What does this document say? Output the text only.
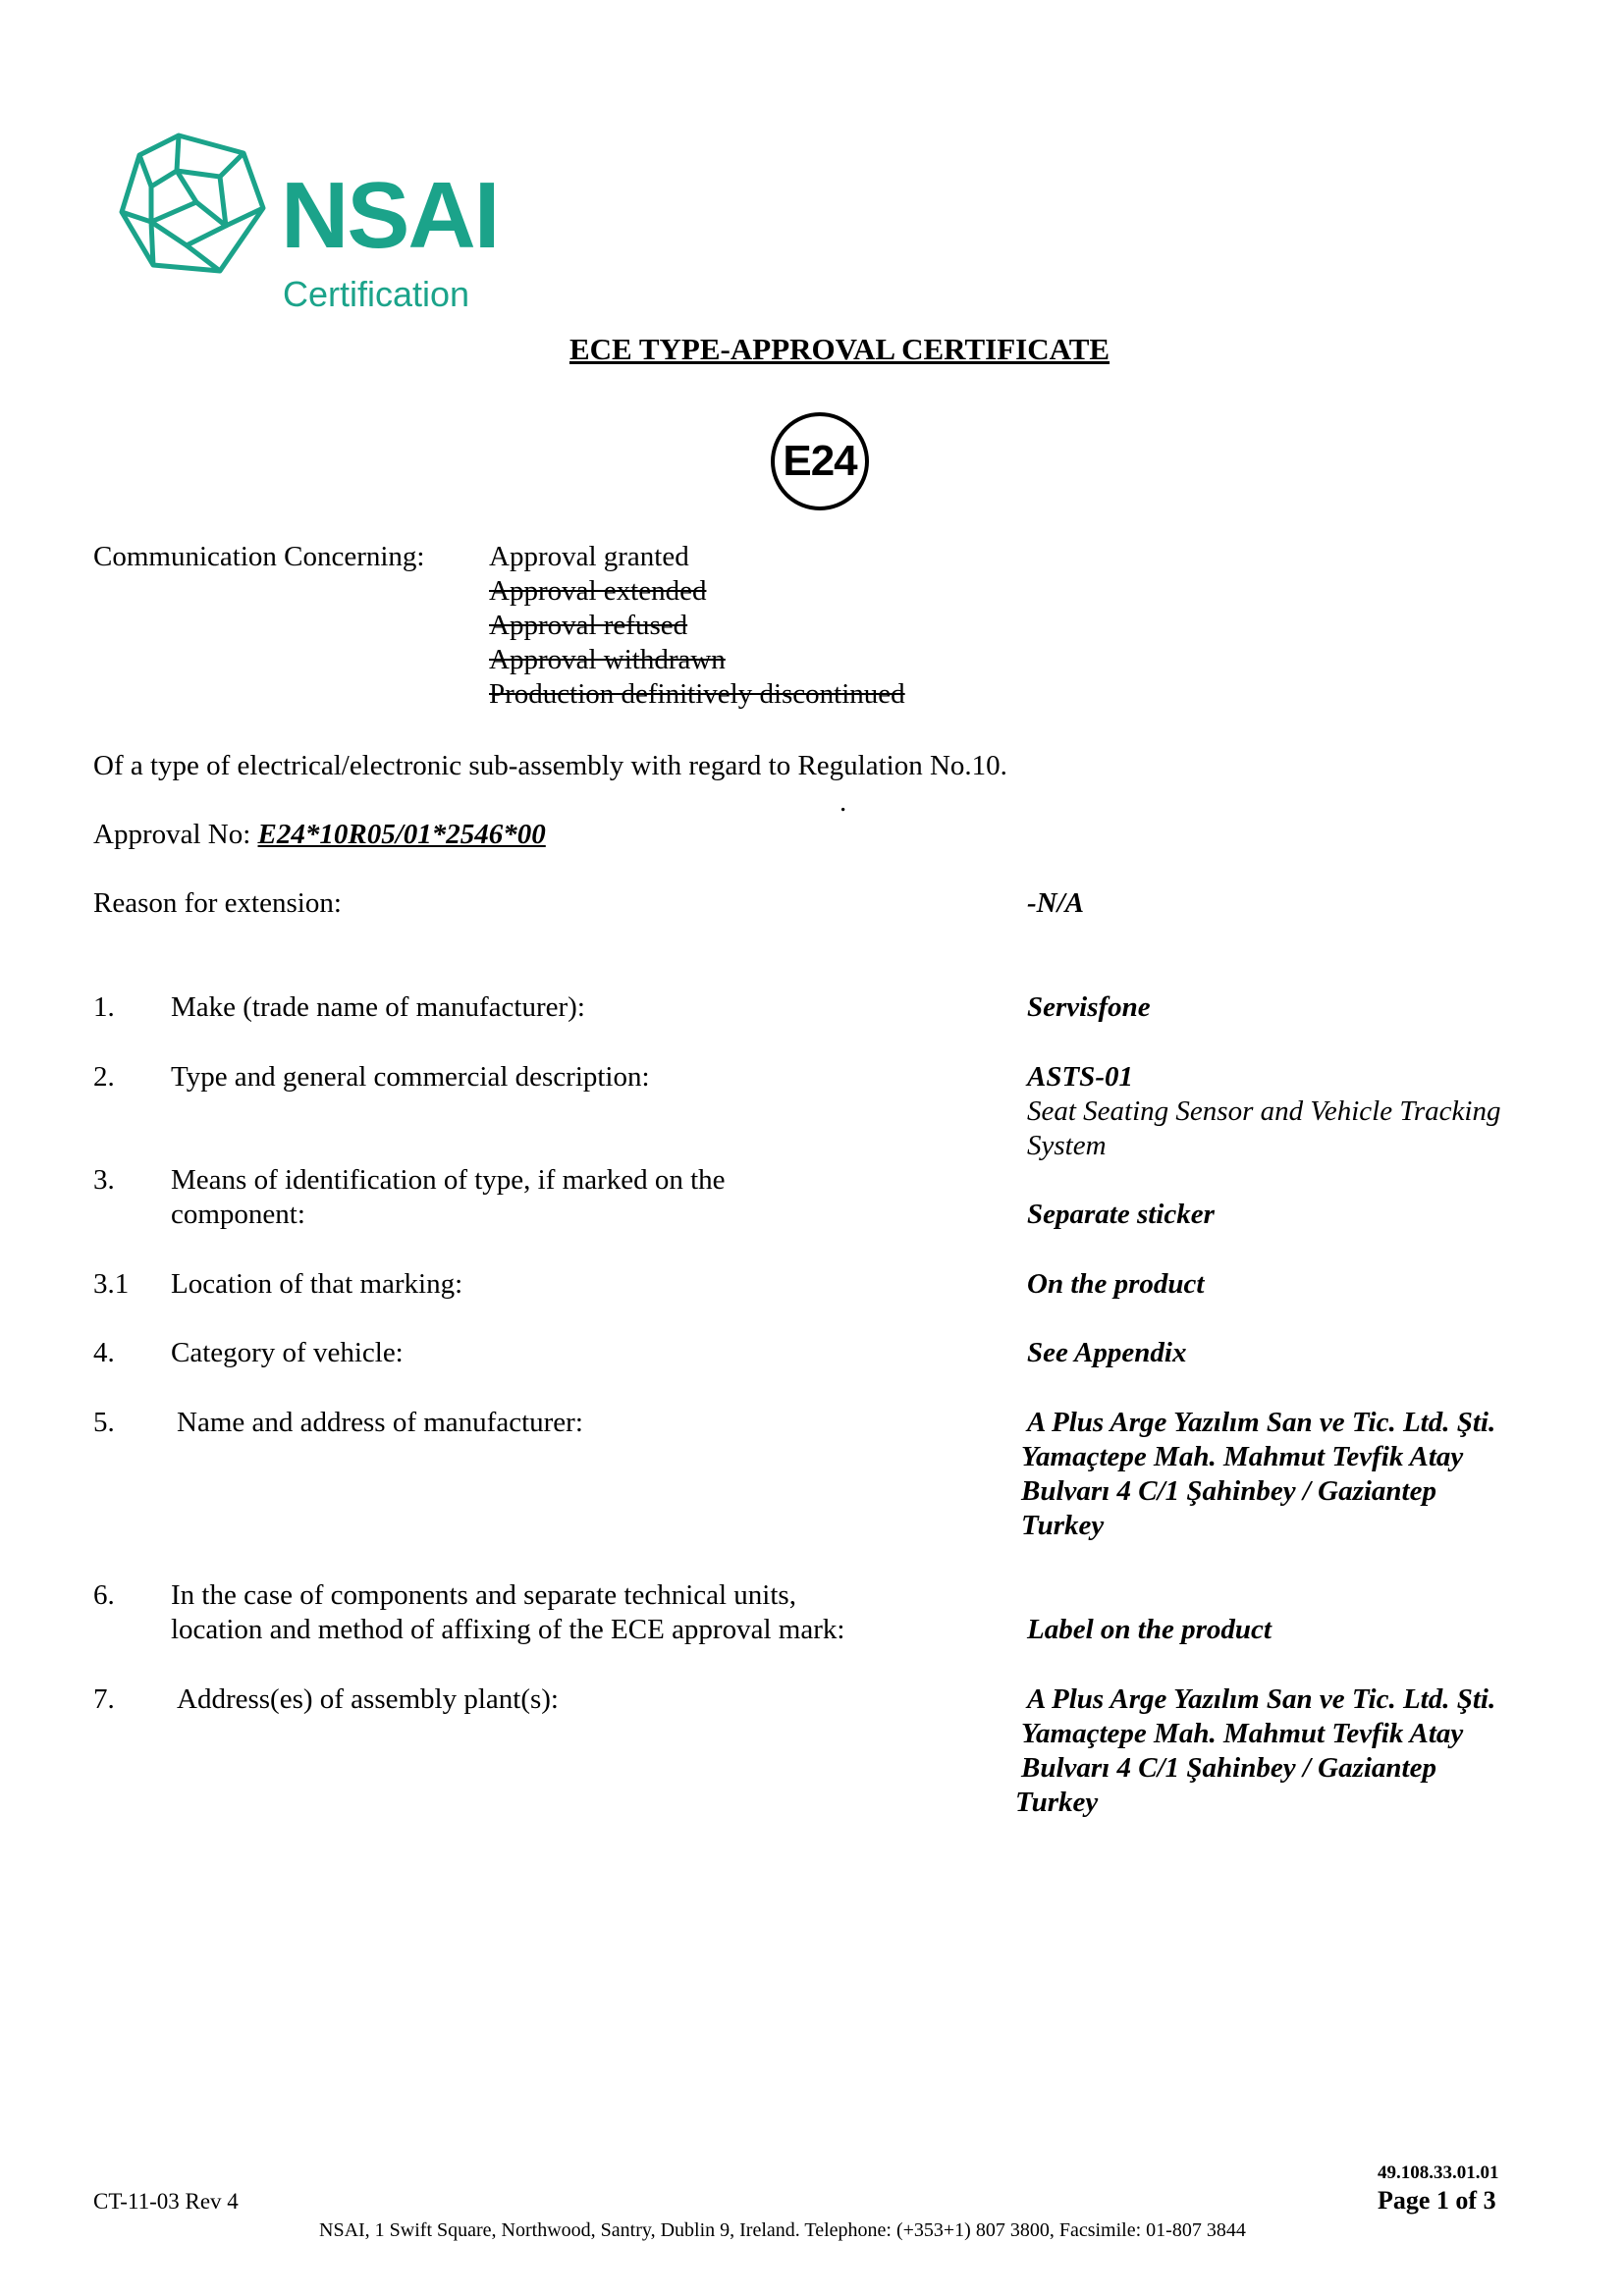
NSAI
Certification
ECE TYPE-APPROVAL CERTIFICATE
E24
Communication Concerning: Approval granted
Approval extended
Approval refused
Approval withdrawn
Production definitively discontinued
Of a type of electrical/electronic sub-assembly with regard to Regulation No.10.
.
Approval No: E24*10R05/01*2546*00
Reason for extension:	-N/A
1. Make (trade name of manufacturer):	Servisfone
2. Type and general commercial description:	ASTS-01
Seat Seating Sensor and Vehicle Tracking
System
3. Means of identification of type, if marked on the
component:	Separate sticker
3.1 Location of that marking:	On the product
4. Category of vehicle:	See Appendix
5. Name and address of manufacturer:	A Plus Arge Yazılım San ve Tic. Ltd. Şti.
Yamaçtepe Mah. Mahmut Tevfik Atay
Bulvarı 4 C/1 Şahinbey / Gaziantep
Turkey
6. In the case of components and separate technical units,
location and method of affixing of the ECE approval mark:	Label on the product
7. Address(es) of assembly plant(s):	A Plus Arge Yazılım San ve Tic. Ltd. Şti.
Yamaçtepe Mah. Mahmut Tevfik Atay
Bulvarı 4 C/1 Şahinbey / Gaziantep
Turkey
49.108.33.01.01
CT-11-03 Rev 4	Page 1 of 3
NSAI, 1 Swift Square, Northwood, Santry, Dublin 9, Ireland. Telephone: (+353+1) 807 3800, Facsimile: 01-807 3844
